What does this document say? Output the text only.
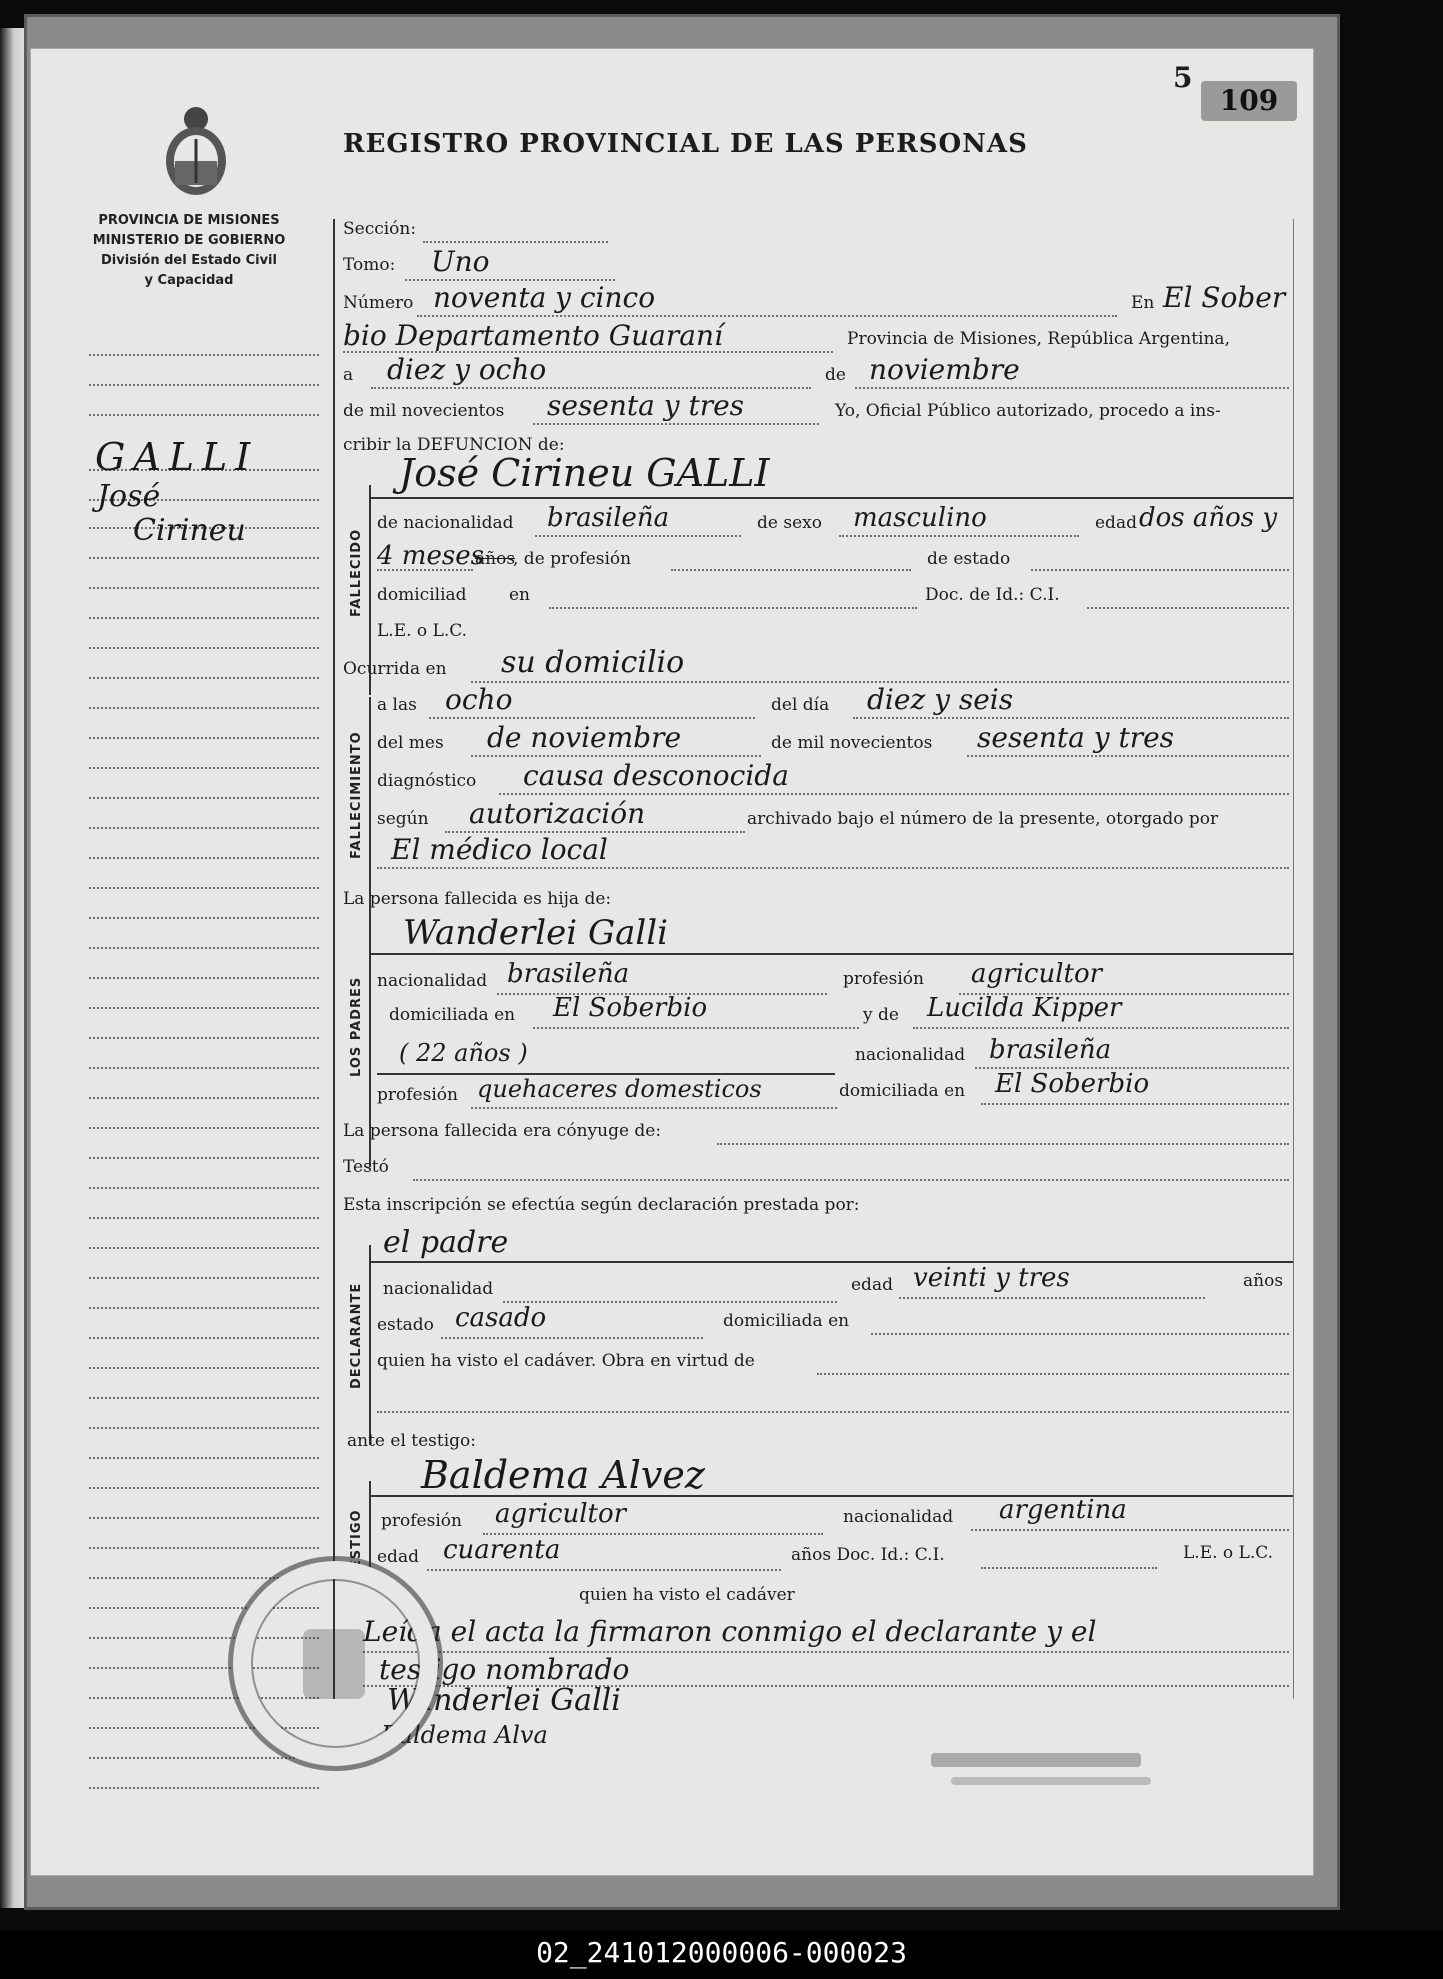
5
109
REGISTRO PROVINCIAL DE LAS PERSONAS
PROVINCIA DE MISIONES
MINISTERIO DE GOBIERNO
División del Estado Civil
y Capacidad
GALLI
José
Cirineu
Sección:
Tomo: Uno
Número noventa y cinco	En El Sober
bio Departamento Guaraní	Provincia de Misiones, República Argentina,
a diez y ocho	de noviembre
de mil novecientos sesenta y tres	Yo, Oficial Público autorizado, procedo a ins-
cribir la DEFUNCION de:
FALLECIDO
José Cirineu GALLI
de nacionalidad brasileña	de sexo masculino	edad dos años y
4 meses
años
, de profesión	de estado
domiciliad en	Doc. de Id.: C.I.
L.E. o L.C.
Ocurrida en su domicilio
FALLECIMIENTO
a las ocho	del día diez y seis
del mes de noviembre	de mil novecientos sesenta y tres
diagnóstico causa desconocida
según autorización	archivado bajo el número de la presente, otorgado por
El médico local
La persona fallecida es hija de:
LOS PADRES
Wanderlei Galli
nacionalidad brasileña	profesión agricultor
domiciliada en El Soberbio	y de Lucilda Kipper
( 22 años )	nacionalidad brasileña
profesión quehaceres domesticos	domiciliada en El Soberbio
La persona fallecida era cónyuge de:
Testó
Esta inscripción se efectúa según declaración prestada por:
DECLARANTE
el padre
nacionalidad	edad veinti y tres	años
estado casado	domiciliada en
quien ha visto el cadáver. Obra en virtud de
ante el testigo:
TESTIGO
Baldema Alvez
profesión agricultor	nacionalidad argentina
edad cuarenta	años Doc. Id.: C.I.	L.E. o L.C.
quien ha visto el cadáver
Leída el acta la firmaron conmigo el declarante y el
testigo nombrado
Wanderlei Galli
Baldema Alva
02_241012000006-000023
